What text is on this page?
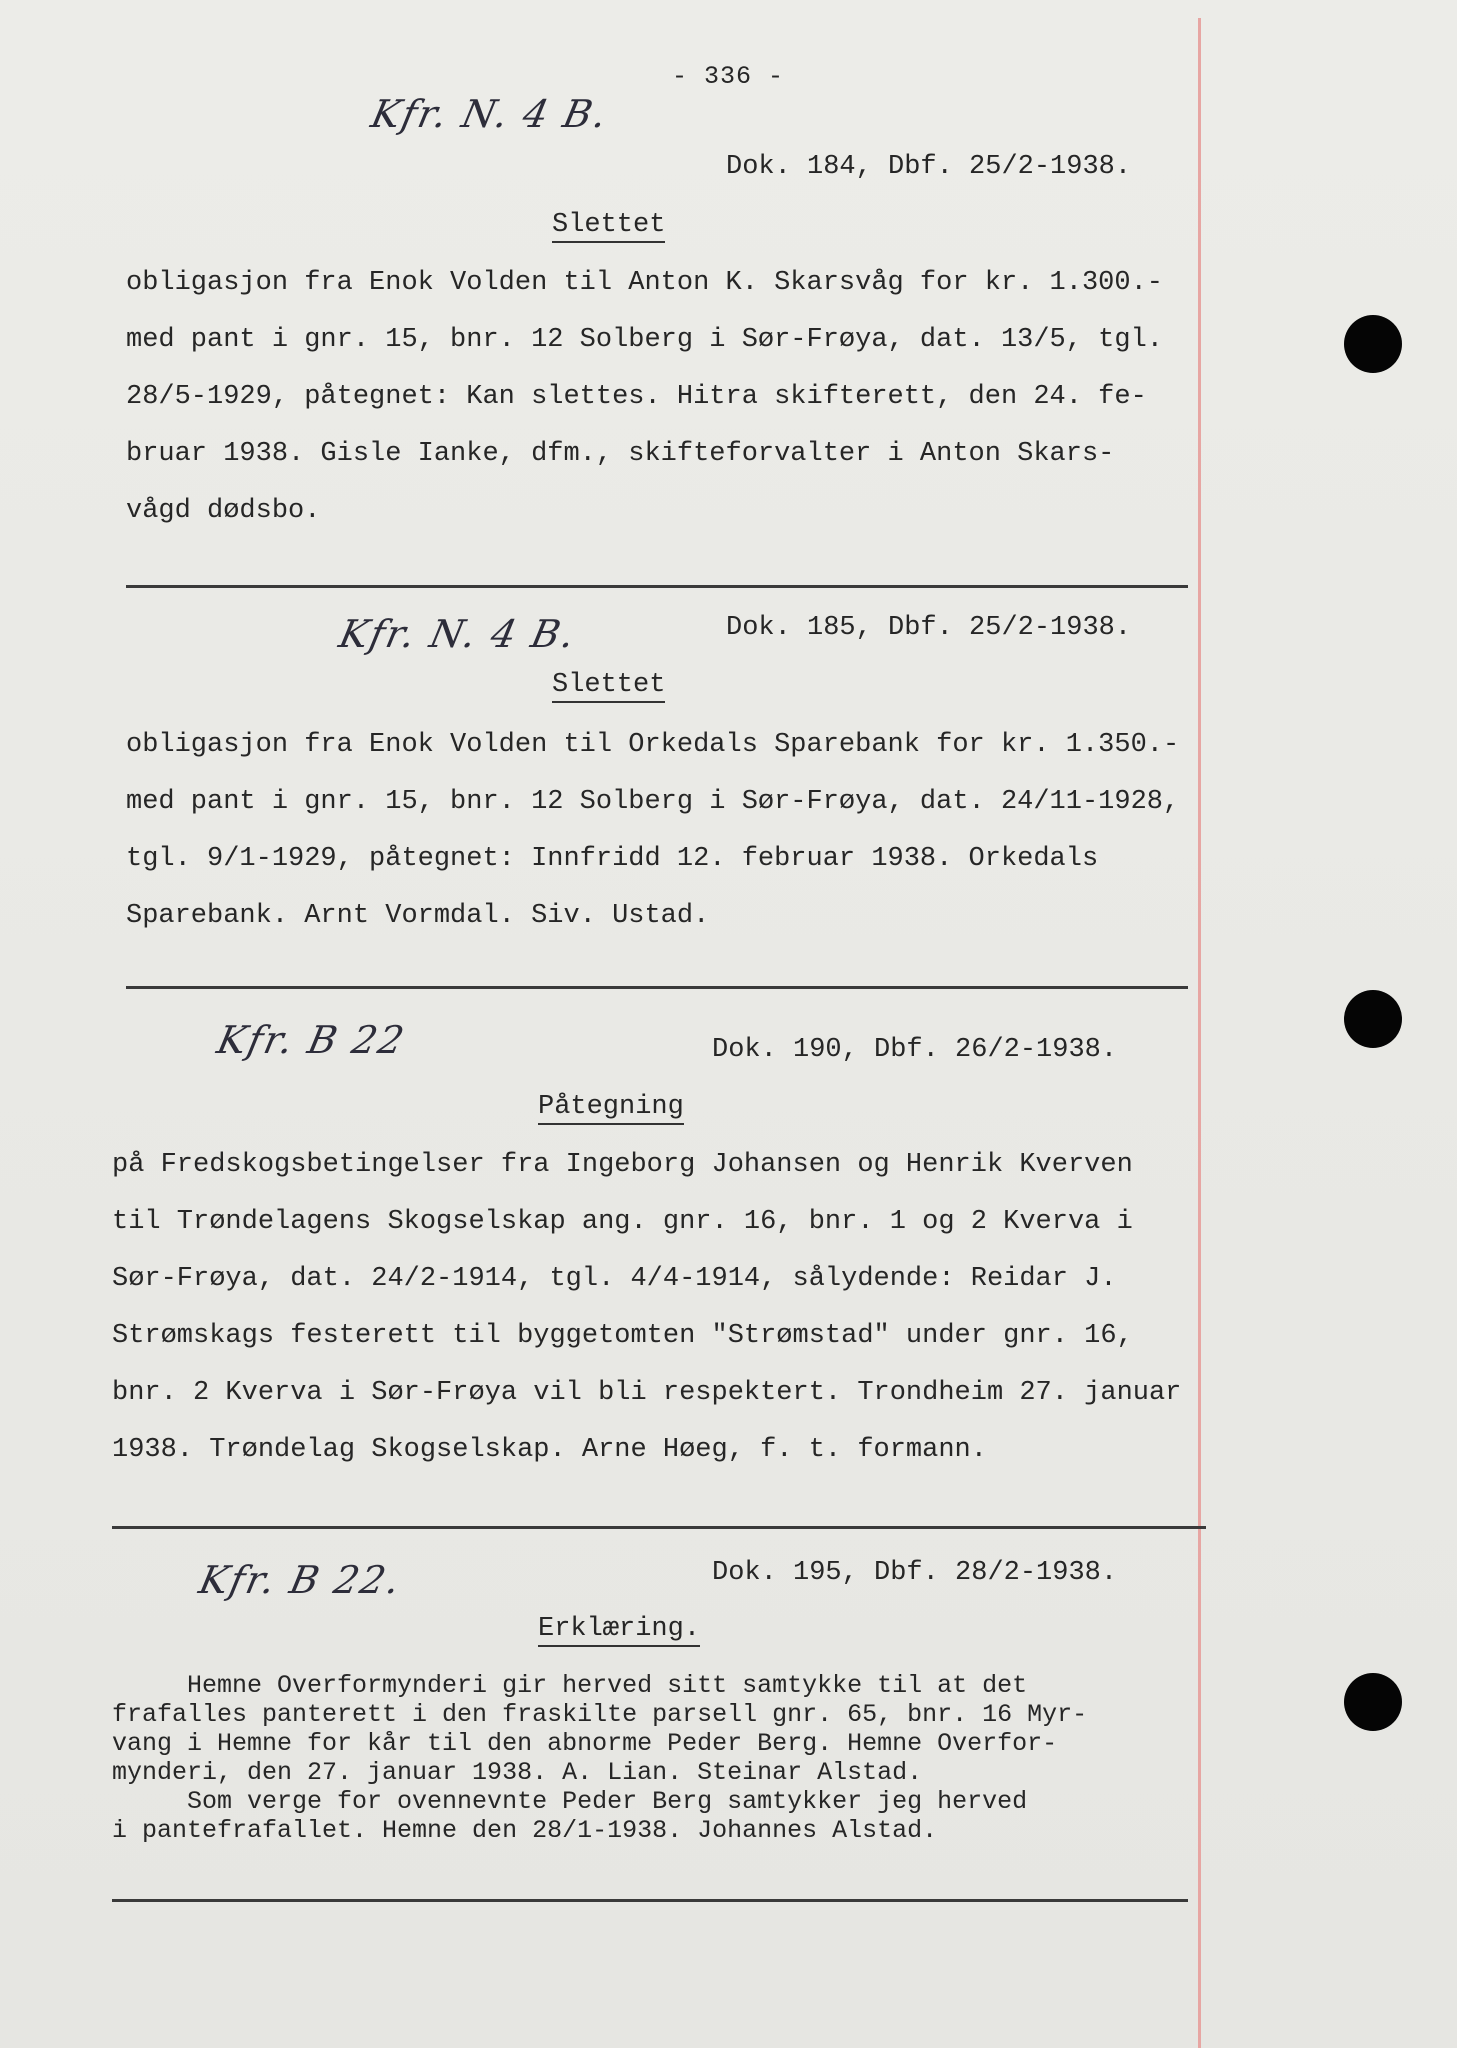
- 336 -
Kfr. N. 4 B.
Dok. 184, Dbf. 25/2-1938.
Slettet
obligasjon fra Enok Volden til Anton K. Skarsvåg for kr. 1.300.-
med pant i gnr. 15, bnr. 12 Solberg i Sør-Frøya, dat. 13/5, tgl.
28/5-1929, påtegnet: Kan slettes. Hitra skifterett, den 24. fe-
bruar 1938. Gisle Ianke, dfm., skifteforvalter i Anton Skars-
vågd dødsbo.
Kfr. N. 4 B.	Dok. 185, Dbf. 25/2-1938.
Slettet
obligasjon fra Enok Volden til Orkedals Sparebank for kr. 1.350.-
med pant i gnr. 15, bnr. 12 Solberg i Sør-Frøya, dat. 24/11-1928,
tgl. 9/1-1929, påtegnet: Innfridd 12. februar 1938. Orkedals
Sparebank. Arnt Vormdal. Siv. Ustad.
Kfr. B 22	Dok. 190, Dbf. 26/2-1938.
Påtegning
på Fredskogsbetingelser fra Ingeborg Johansen og Henrik Kverven
til Trøndelagens Skogselskap ang. gnr. 16, bnr. 1 og 2 Kverva i
Sør-Frøya, dat. 24/2-1914, tgl. 4/4-1914, sålydende: Reidar J.
Strømskags festerett til byggetomten "Strømstad" under gnr. 16,
bnr. 2 Kverva i Sør-Frøya vil bli respektert. Trondheim 27. januar
1938. Trøndelag Skogselskap. Arne Høeg, f. t. formann.
Kfr. B 22.	Dok. 195, Dbf. 28/2-1938.
Erklæring.
Hemne Overformynderi gir herved sitt samtykke til at det
frafalles panterett i den fraskilte parsell gnr. 65, bnr. 16 Myr-
vang i Hemne for kår til den abnorme Peder Berg. Hemne Overfor-
mynderi, den 27. januar 1938. A. Lian. Steinar Alstad.
Som verge for ovennevnte Peder Berg samtykker jeg herved
i pantefrafallet. Hemne den 28/1-1938. Johannes Alstad.
